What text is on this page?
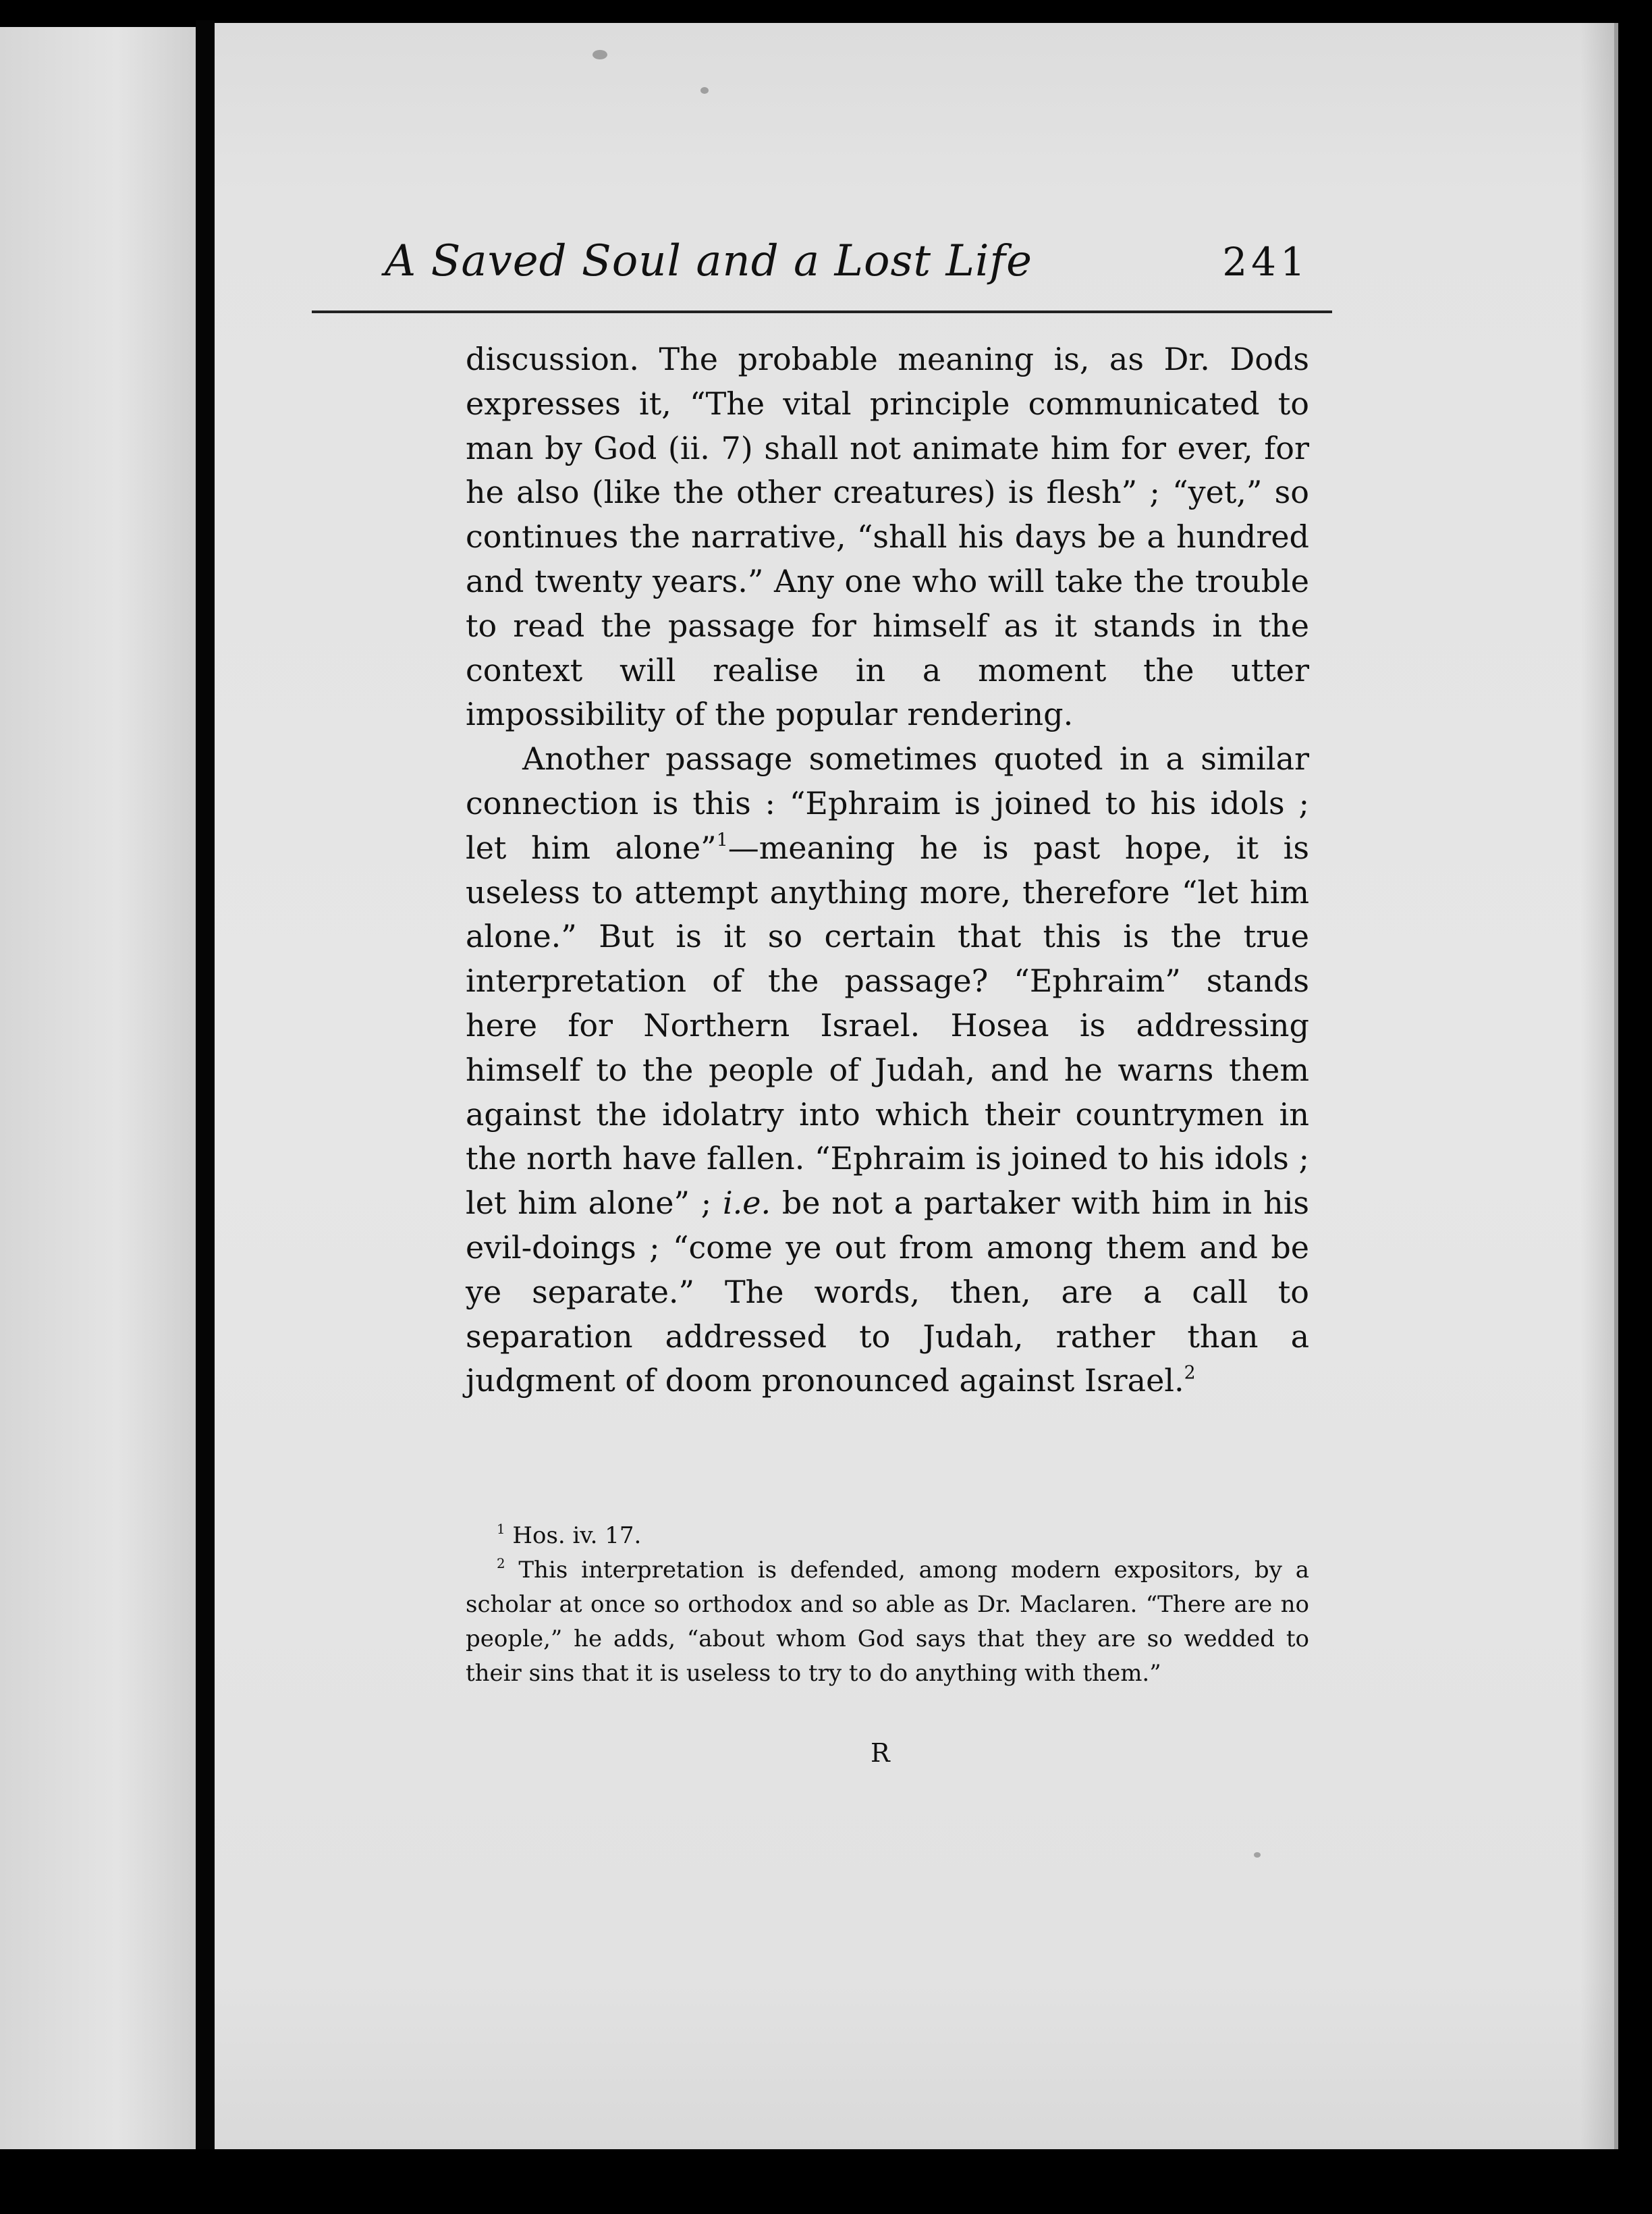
A Saved Soul and a Lost Life	241

discussion. The probable meaning is, as Dr. Dods expresses it, “The vital principle communicated to man by God (ii. 7) shall not animate him for ever, for he also (like the other creatures) is flesh” ; “yet,” so continues the narrative, “shall his days be a hundred and twenty years.” Any one who will take the trouble to read the passage for himself as it stands in the context will realise in a moment the utter impossibility of the popular rendering.

Another passage sometimes quoted in a similar connection is this : “Ephraim is joined to his idols ; let him alone”$^1$—meaning he is past hope, it is useless to attempt anything more, therefore “let him alone.” But is it so certain that this is the true interpretation of the passage? “Ephraim” stands here for Northern Israel. Hosea is addressing himself to the people of Judah, and he warns them against the idolatry into which their countrymen in the north have fallen. “Ephraim is joined to his idols ; let him alone” ; i.e. be not a partaker with him in his evil-doings ; “come ye out from among them and be ye separate.” The words, then, are a call to separation addressed to Judah, rather than a judgment of doom pronounced against Israel.$^2$

$^1$ Hos. iv. 17.

$^2$ This interpretation is defended, among modern expositors, by a scholar at once so orthodox and so able as Dr. Maclaren. “There are no people,” he adds, “about whom God says that they are so wedded to their sins that it is useless to try to do anything with them.”

R
